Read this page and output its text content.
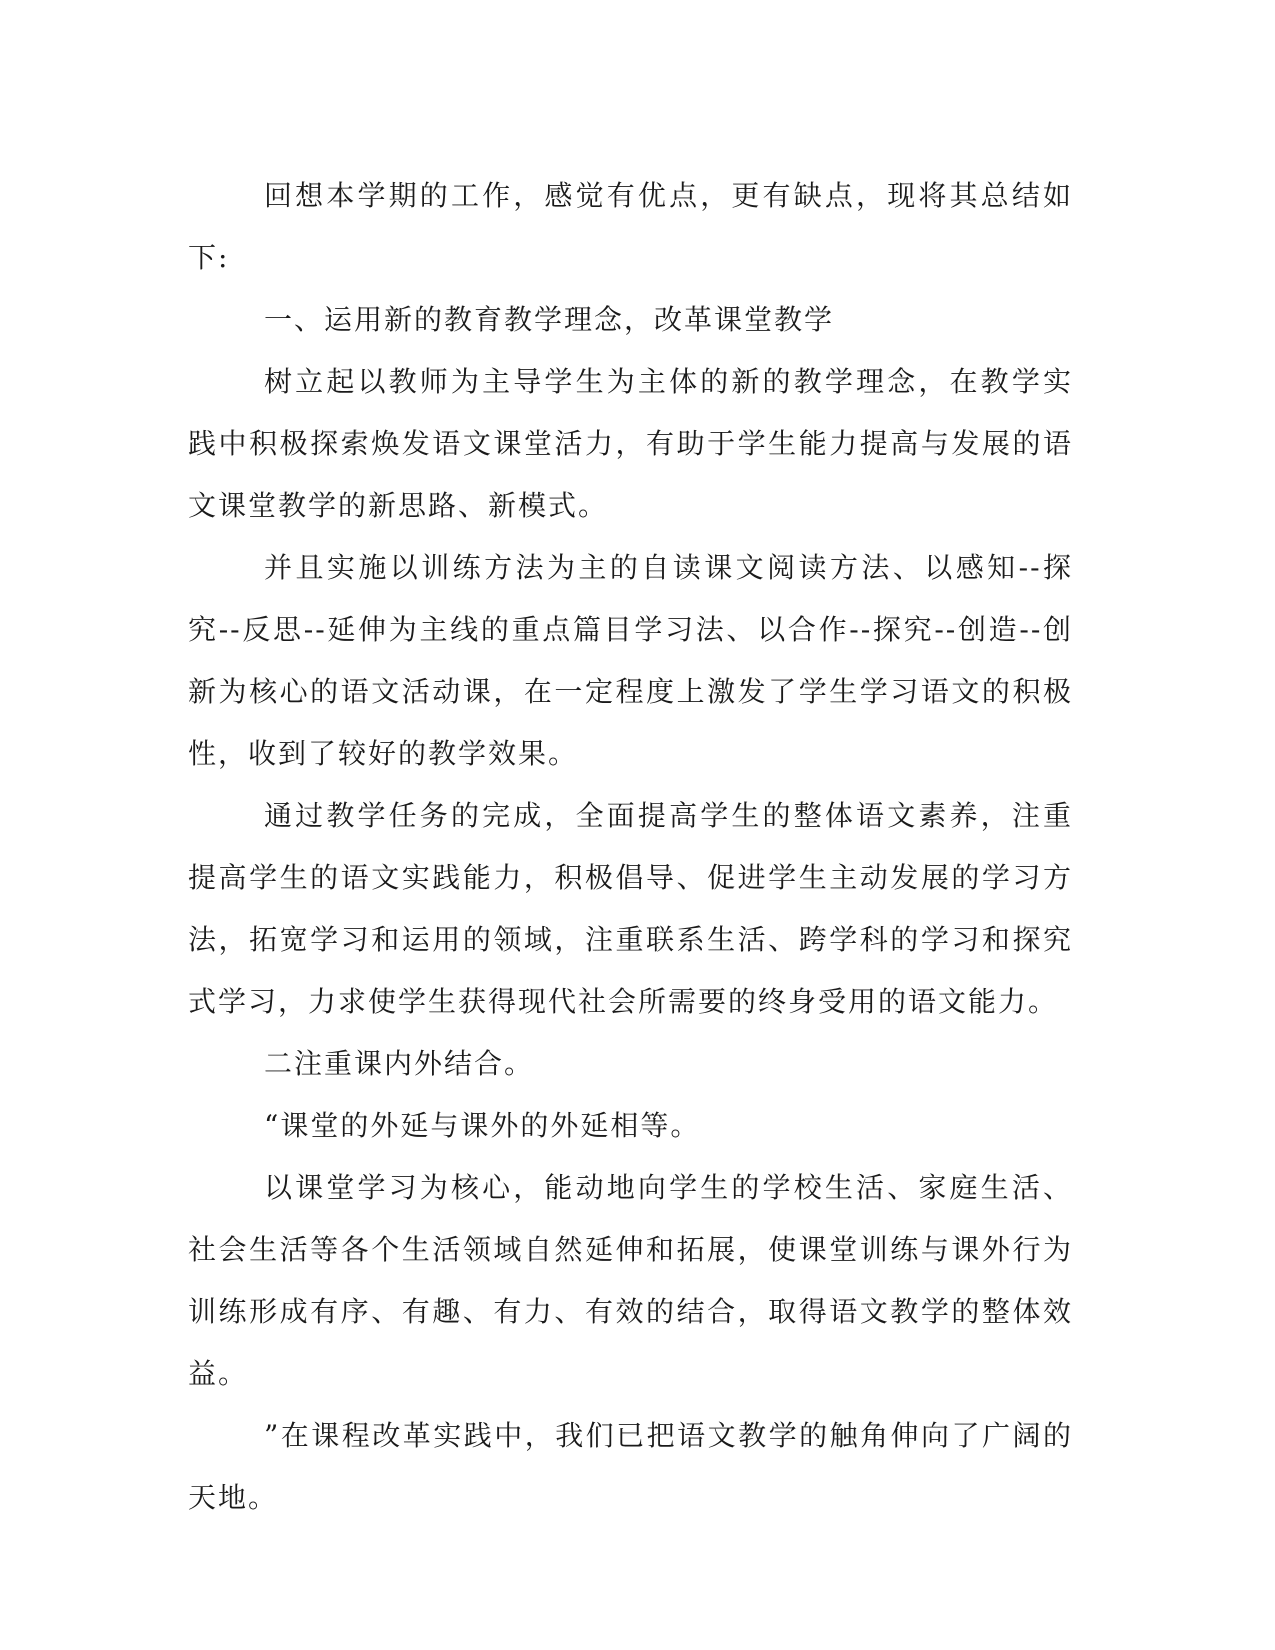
回想本学期的工作，感觉有优点，更有缺点，现将其总结如下:

一、运用新的教育教学理念，改革课堂教学

树立起以教师为主导学生为主体的新的教学理念，在教学实践中积极探索焕发语文课堂活力，有助于学生能力提高与发展的语文课堂教学的新思路、新模式。

并且实施以训练方法为主的自读课文阅读方法、以感知--探究--反思--延伸为主线的重点篇目学习法、以合作--探究--创造--创新为核心的语文活动课，在一定程度上激发了学生学习语文的积极性，收到了较好的教学效果。

通过教学任务的完成，全面提高学生的整体语文素养，注重提高学生的语文实践能力，积极倡导、促进学生主动发展的学习方法，拓宽学习和运用的领域，注重联系生活、跨学科的学习和探究式学习，力求使学生获得现代社会所需要的终身受用的语文能力。

二注重课内外结合。

“课堂的外延与课外的外延相等。

以课堂学习为核心，能动地向学生的学校生活、家庭生活、社会生活等各个生活领域自然延伸和拓展，使课堂训练与课外行为训练形成有序、有趣、有力、有效的结合，取得语文教学的整体效益。

”在课程改革实践中，我们已把语文教学的触角伸向了广阔的天地。
